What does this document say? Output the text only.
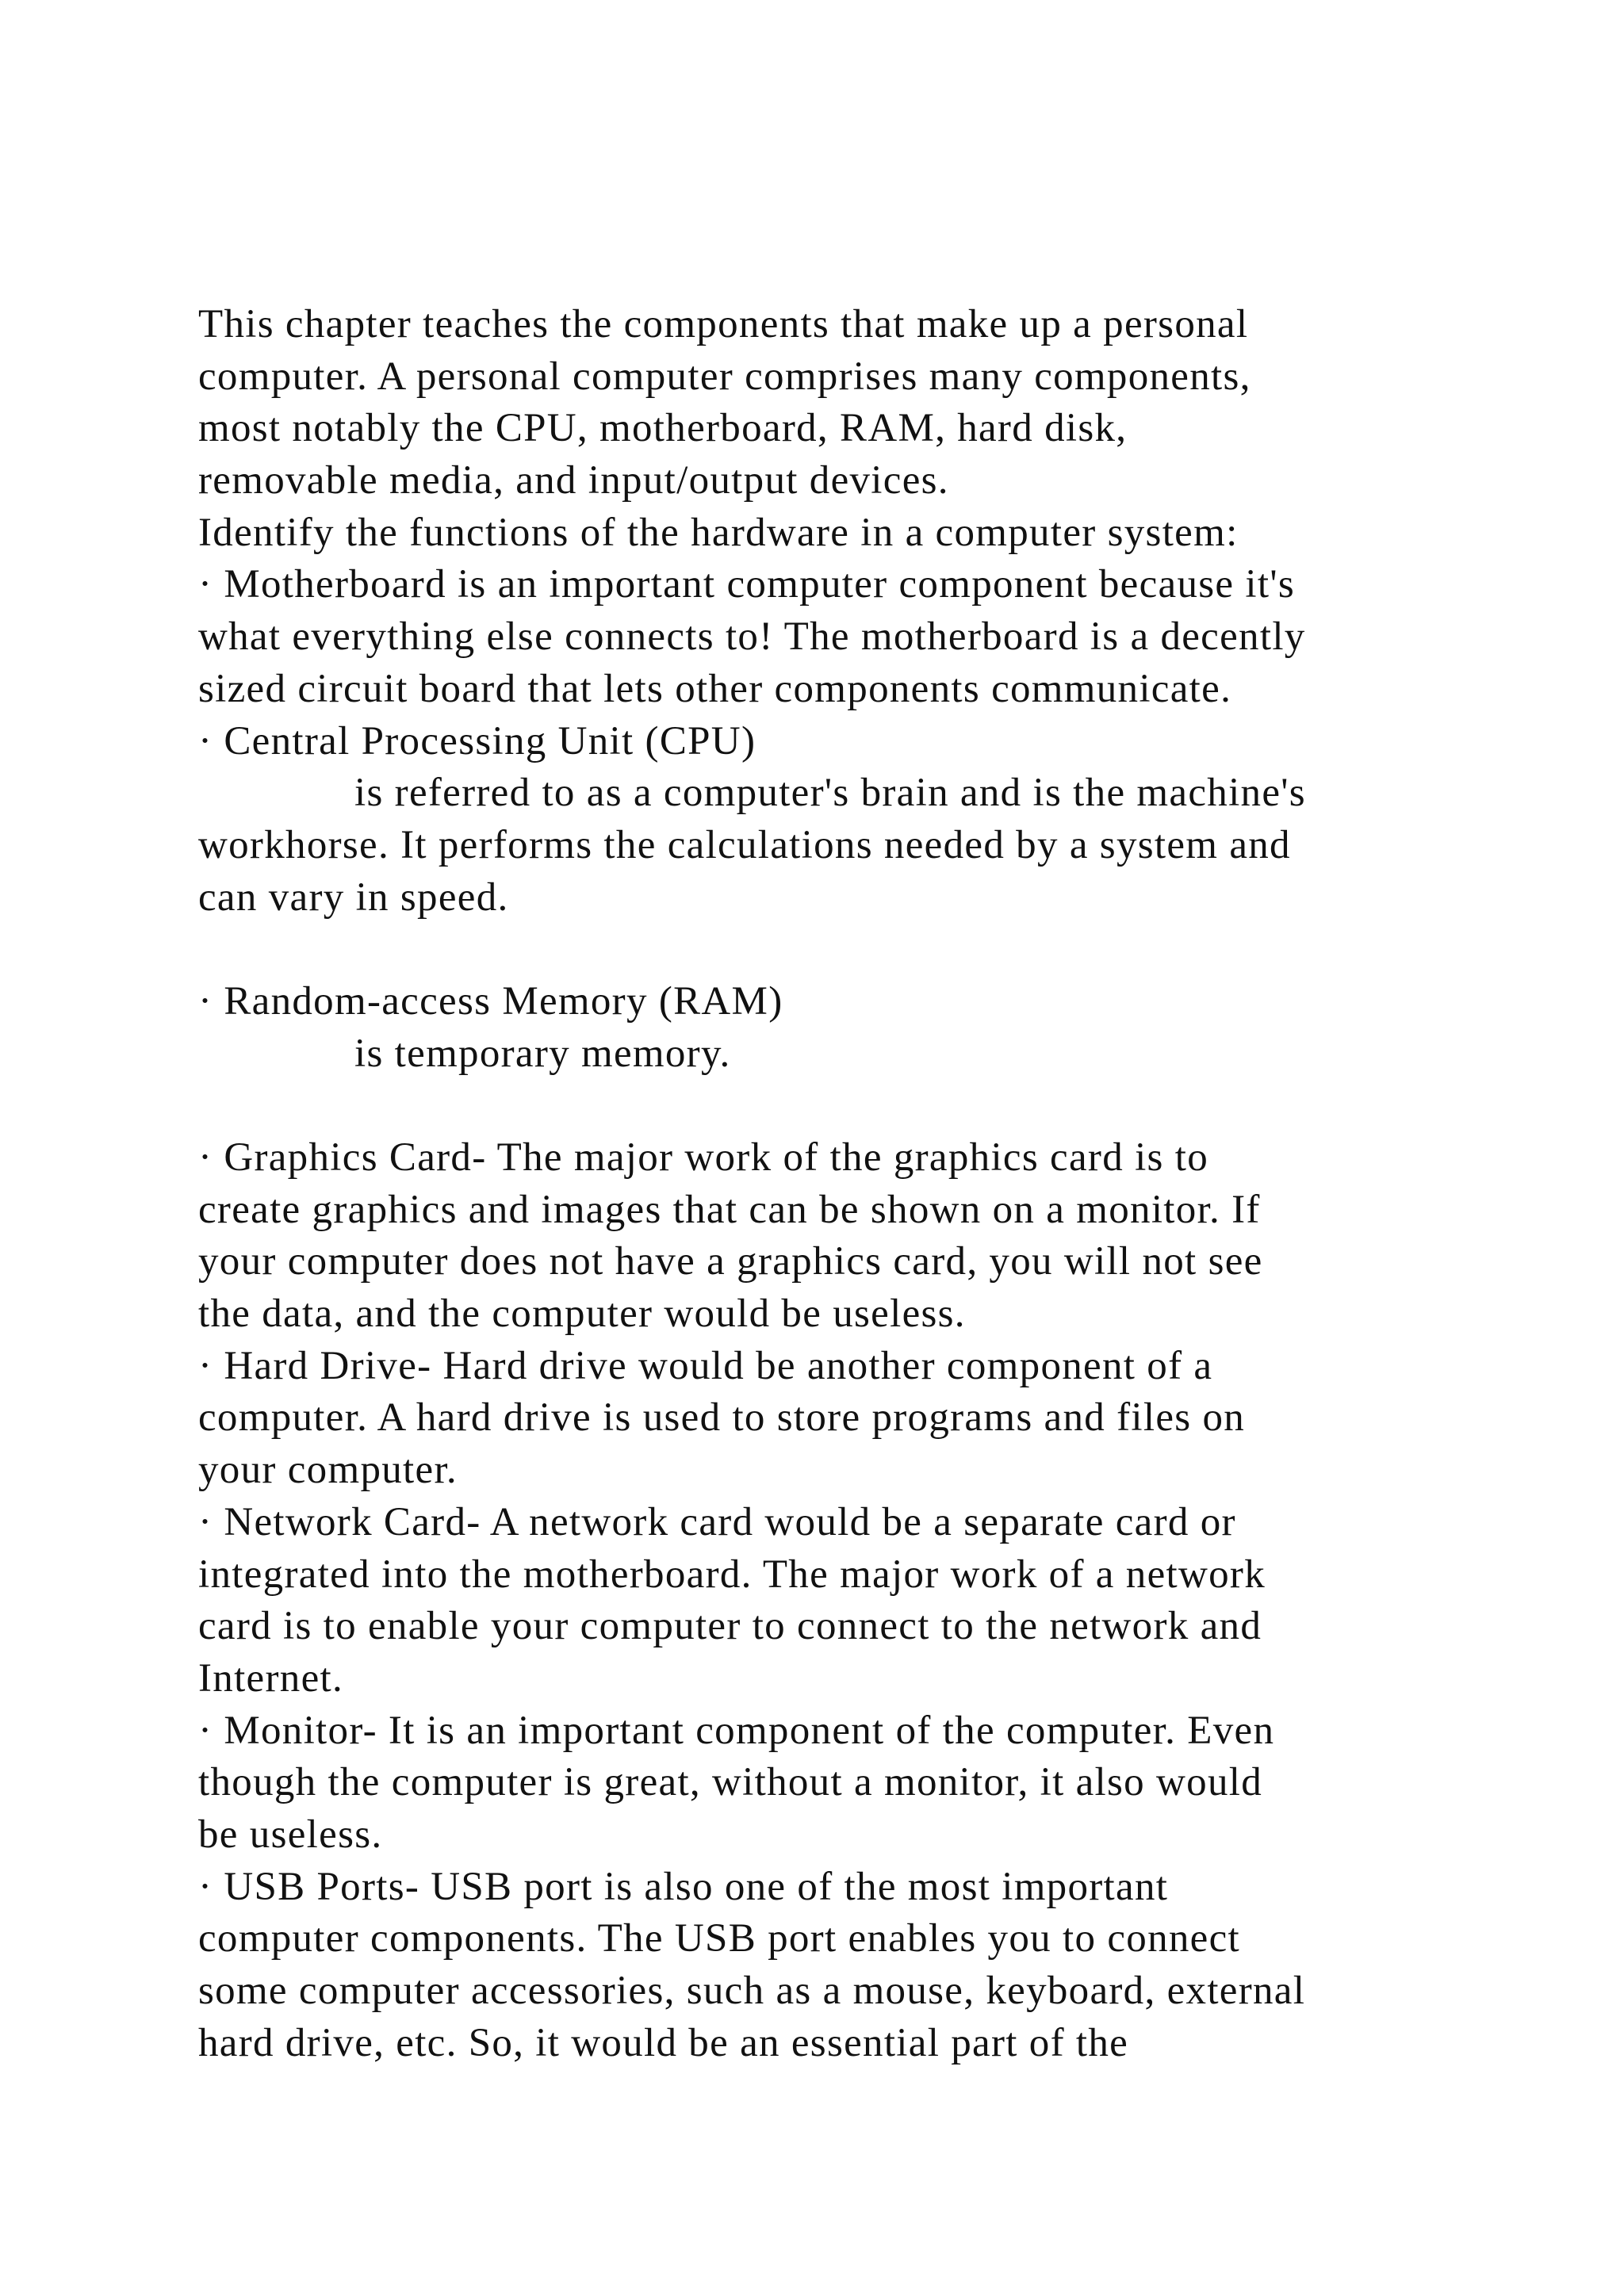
This chapter teaches the components that make up a personal
computer. A personal computer comprises many components,
most notably the CPU, motherboard, RAM, hard disk,
removable media, and input/output devices.
Identify the functions of the hardware in a computer system:
· Motherboard is an important computer component because it's
what everything else connects to! The motherboard is a decently
sized circuit board that lets other components communicate.
· Central Processing Unit (CPU)
is referred to as a computer's brain and is the machine's
workhorse. It performs the calculations needed by a system and
can vary in speed.
· Random-access Memory (RAM)
is temporary memory.
· Graphics Card- The major work of the graphics card is to
create graphics and images that can be shown on a monitor. If
your computer does not have a graphics card, you will not see
the data, and the computer would be useless.
· Hard Drive- Hard drive would be another component of a
computer. A hard drive is used to store programs and files on
your computer.
· Network Card- A network card would be a separate card or
integrated into the motherboard. The major work of a network
card is to enable your computer to connect to the network and
Internet.
· Monitor- It is an important component of the computer. Even
though the computer is great, without a monitor, it also would
be useless.
· USB Ports- USB port is also one of the most important
computer components. The USB port enables you to connect
some computer accessories, such as a mouse, keyboard, external
hard drive, etc. So, it would be an essential part of the
